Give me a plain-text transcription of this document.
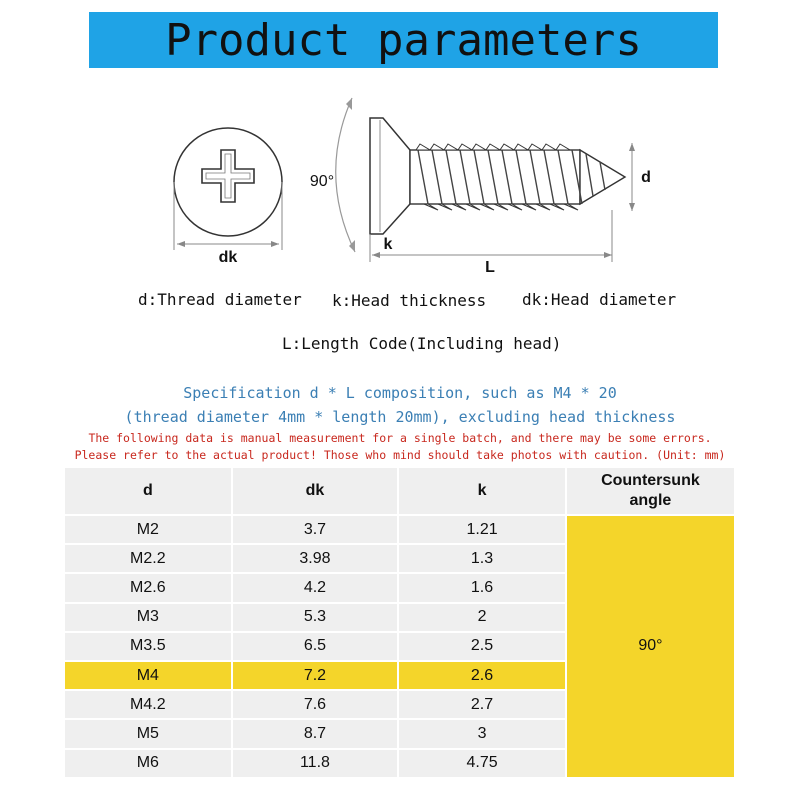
Product parameters
dk
90°	d
k
L
d:Thread diameter k:Head thickness dk:Head diameter
L:Length Code(Including head)
Specification d * L composition, such as M4 * 20
(thread diameter 4mm * length 20mm), excluding head thickness
The following data is manual measurement for a single batch, and there may be some errors.
Please refer to the actual product! Those who mind should take photos with caution. (Unit: mm)
d	dk	k	Countersunk angle
M2	3.7	1.21	90°
M2.2	3.98	1.3	
M2.6	4.2	1.6	
M3	5.3	2	
M3.5	6.5	2.5	
M4	7.2	2.6	
M4.2	7.6	2.7	
M5	8.7	3	
M6	11.8	4.75	
